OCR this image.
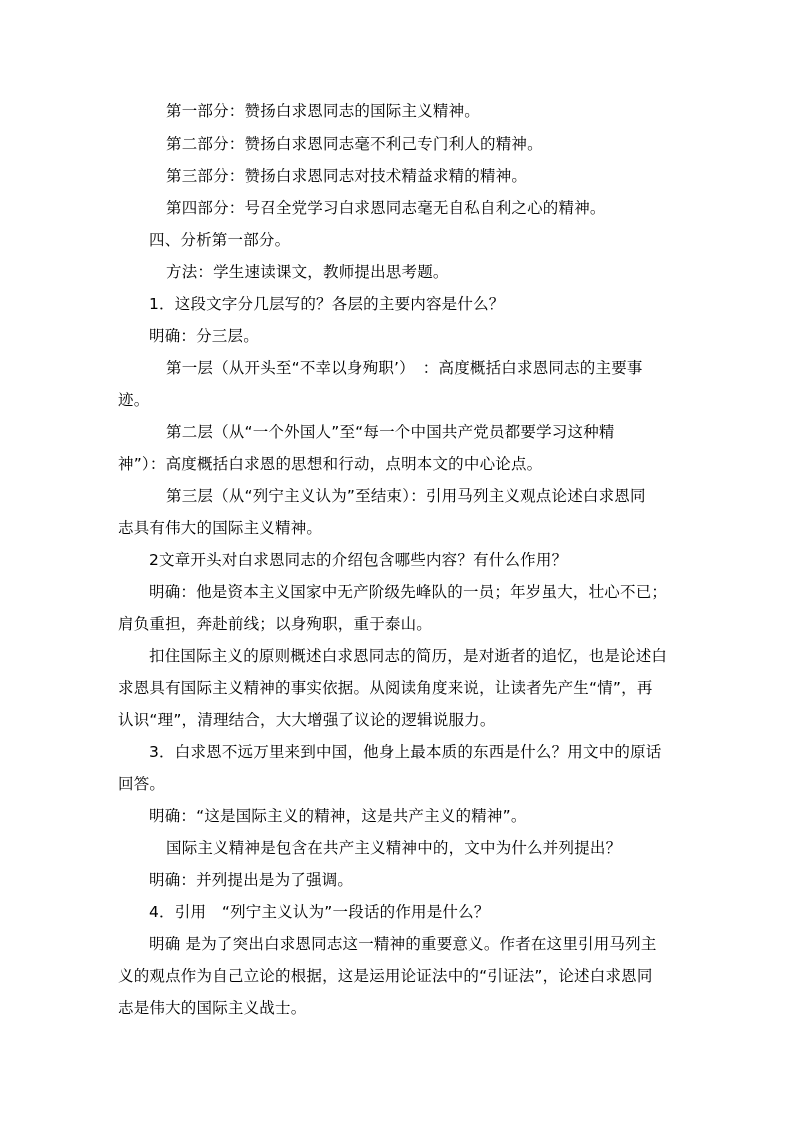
第一部分：赞扬白求恩同志的国际主义精神。

第二部分：赞扬白求恩同志毫不利己专门利人的精神。

第三部分：赞扬白求恩同志对技术精益求精的精神。

第四部分：号召全党学习白求恩同志毫无自私自利之心的精神。

四、分析第一部分。

方法：学生速读课文，教师提出思考题。

1．这段文字分几层写的？各层的主要内容是什么？

明确：分三层。

第一层（从开头至“不幸以身殉职’）　：高度概括白求恩同志的主要事

迹。

第二层（从“一个外国人”至“每一个中国共产党员都要学习这种精

神”）：高度概括白求恩的思想和行动，点明本文的中心论点。

第三层（从“列宁主义认为”至结束）：引用马列主义观点论述白求恩同

志具有伟大的国际主义精神。

2文章开头对白求恩同志的介绍包含哪些内容？有什么作用？

明确：他是资本主义国家中无产阶级先峰队的一员；年岁虽大，壮心不已；

肩负重担，奔赴前线；以身殉职，重于泰山。

扣住国际主义的原则概述白求恩同志的简历，是对逝者的追忆，也是论述白

求恩具有国际主义精神的事实依据。从阅读角度来说，让读者先产生“情”，再

认识“理”，清理结合，大大增强了议论的逻辑说服力。

3．白求恩不远万里来到中国，他身上最本质的东西是什么？用文中的原话

回答。

明确：“这是国际主义的精神，这是共产主义的精神”。

国际主义精神是包含在共产主义精神中的，文中为什么并列提出？

明确：并列提出是为了强调。

4．引用　“列宁主义认为”一段话的作用是什么？

明确 是为了突出白求恩同志这一精神的重要意义。作者在这里引用马列主

义的观点作为自己立论的根据，这是运用论证法中的“引证法”，论述白求恩同

志是伟大的国际主义战士。
